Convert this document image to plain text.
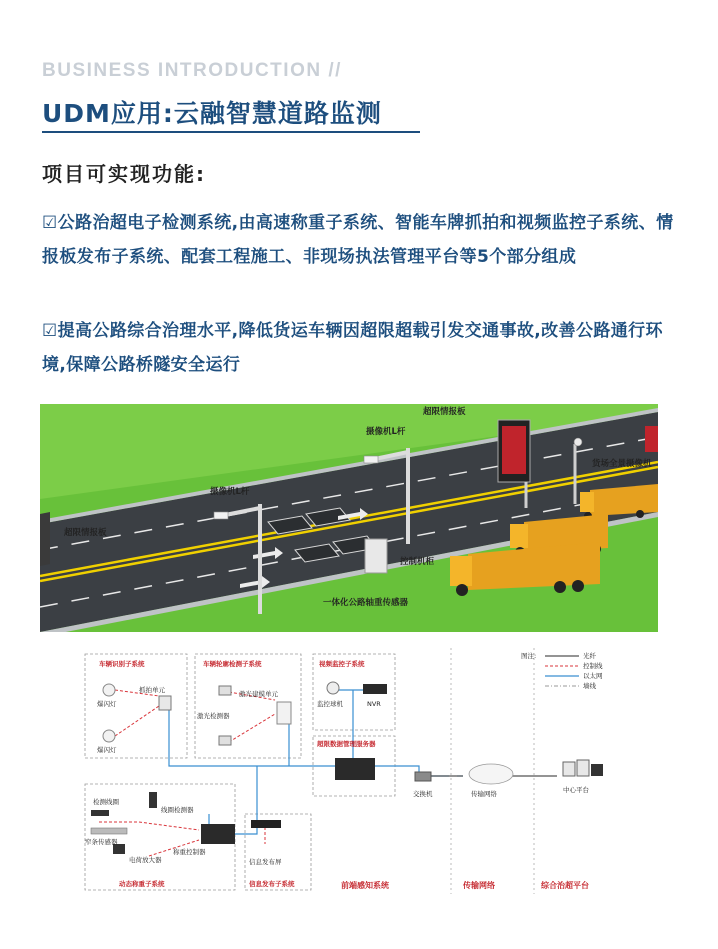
BUSINESS INTRODUCTION //
UDM应用:云融智慧道路监测
项目可实现功能:
☑公路治超电子检测系统,由高速称重子系统、智能车牌抓拍和视频监控子系统、情报板发布子系统、配套工程施工、非现场执法管理平台等5个部分组成
☑提高公路综合治理水平,降低货运车辆因超限超载引发交通事故,改善公路通行环境,保障公路桥隧安全运行
超限情报板
摄像机L杆
货场全景摄像机
摄像机L杆
超限情报板
控制机柜
一体化公路轴重传感器
图注:	光纤
控制线
以太网
墙线
车辆识别子系统	车辆轮廓检测子系统	视频监控子系统
超限数据管理服务器
动态称重子系统	信息发布子系统
爆闪灯
爆闪灯
抓拍单元
激光检测器
激光建模单元
监控球机	NVR
检测线圈
窄条传感器
线圈检测器
称重控制器
电荷放大器	信息发布屏
交换机	传输网络	中心平台
前端感知系统	传输网络	综合治超平台
